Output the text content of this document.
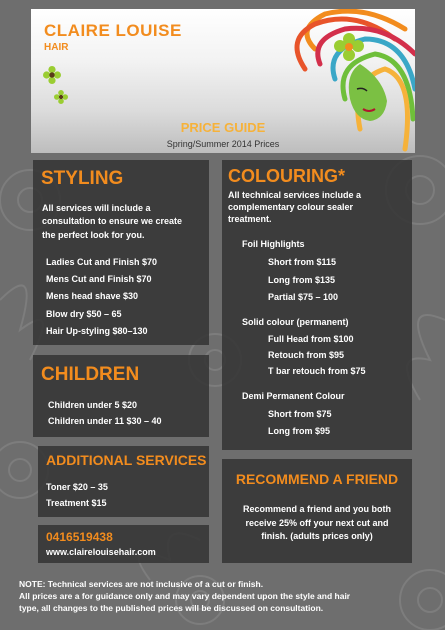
CLAIRE LOUISE
HAIR
PRICE GUIDE
Spring/Summer 2014 Prices
STYLING
All services will include a
consultation to ensure we create
the perfect look for you.
Ladies Cut and Finish $70
Mens Cut and Finish $70
Mens head shave $30
Blow dry $50 – 65
Hair Up-styling $80–130
CHILDREN
Children under 5 $20
Children under 11 $30 – 40
ADDITIONAL SERVICES
Toner $20 – 35
Treatment $15
0416519438
www.clairelouisehair.com
COLOURING*
All technical services include a
complementary colour sealer
treatment.
Foil Highlights
Short from $115
Long from $135
Partial $75 – 100
Solid colour (permanent)
Full Head from $100
Retouch from $95
T bar retouch from $75
Demi Permanent Colour
Short from $75
Long from $95
RECOMMEND A FRIEND
Recommend a friend and you both
receive 25% off your next cut and
finish. (adults prices only)
NOTE: Technical services are not inclusive of a cut or finish.
All prices are a for guidance only and may vary dependent upon the style and hair
type, all changes to the published prices will be discussed on consultation.
